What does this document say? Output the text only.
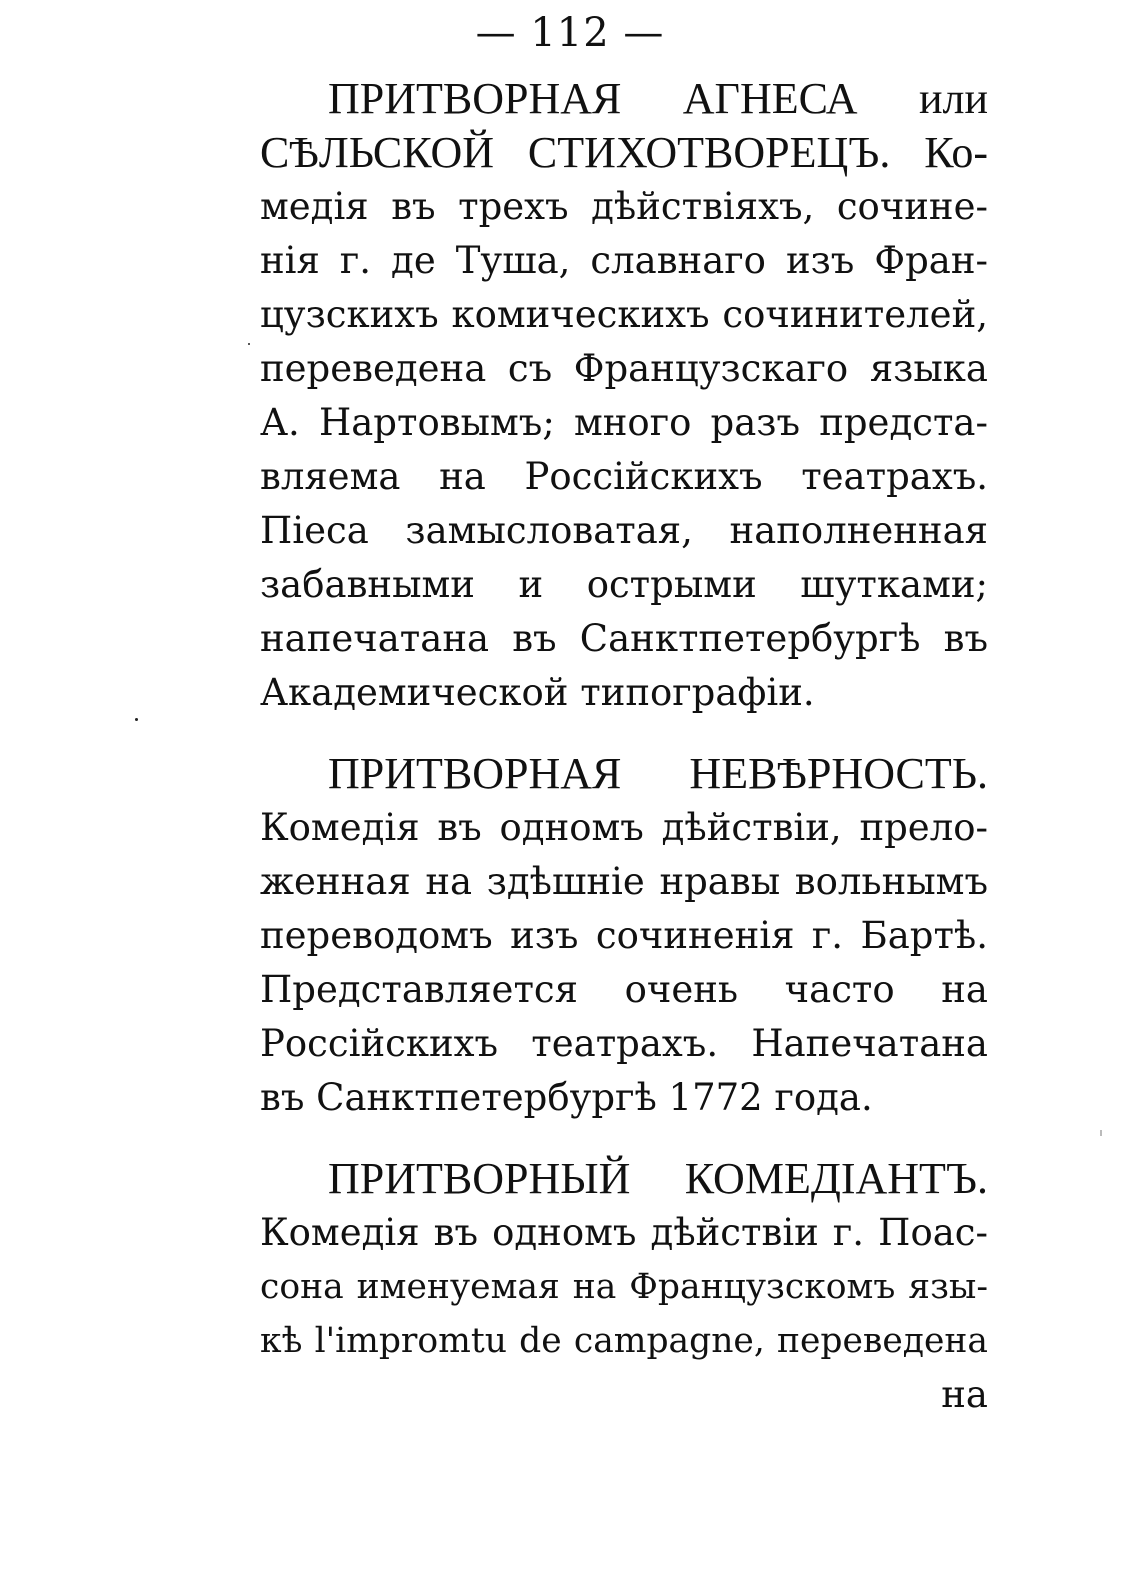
— 112 —
ПРИТВОРНАЯ АГНЕСА или
СѢЛЬСКОЙ СТИХОТВОРЕЦЪ. Ко-
медія въ трехъ дѣйствіяхъ, сочине-
нія г. де Туша, славнаго изъ Фран-
цузскихъ комическихъ сочинителей,
переведена съ Французскаго языка
А. Нартовымъ; много разъ предста-
вляема на Россійскихъ театрахъ.
Піеса замысловатая, наполненная
забавными и острыми шутками;
напечатана въ Санктпетербургѣ въ
Академической типографіи.
ПРИТВОРНАЯ НЕВѢРНОСТЬ.
Комедія въ одномъ дѣйствіи, прело-
женная на здѣшніе нравы вольнымъ
переводомъ изъ сочиненія г. Бартѣ.
Представляется очень часто на
Россійскихъ театрахъ. Напечатана
въ Санктпетербургѣ 1772 года.
ПРИТВОРНЫЙ КОМЕДІАНТЪ.
Комедія въ одномъ дѣйствіи г. Поас-
сона именуемая на Французскомъ язы-
кѣ l'impromtu de campagne, переведена
на
